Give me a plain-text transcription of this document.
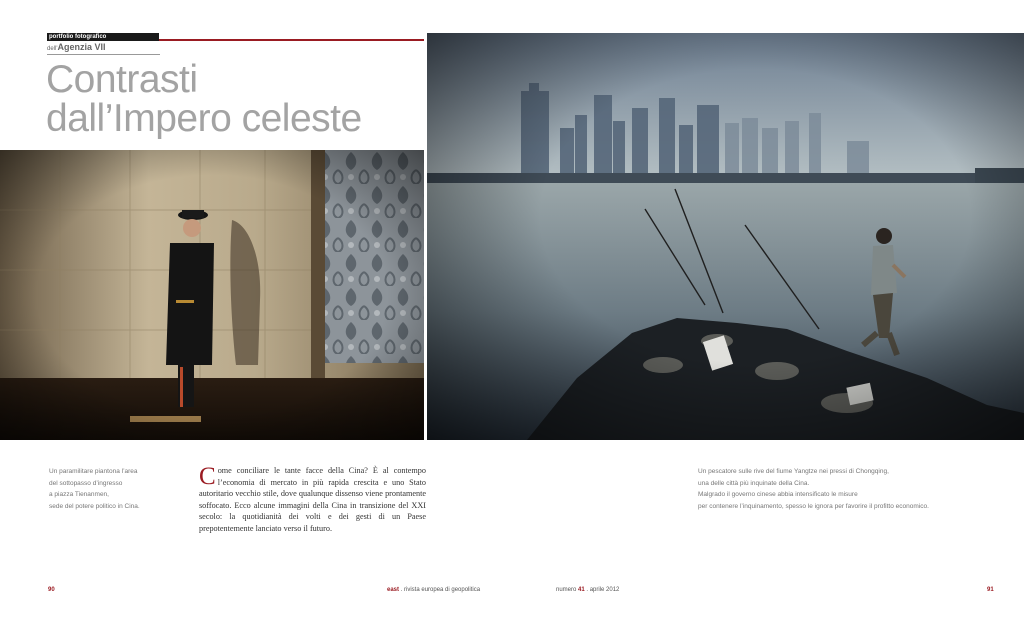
portfolio fotografico
dell'Agenzia VII
Contrasti
dall’Impero celeste
Un paramilitare piantona l’area
del sottopasso d’ingresso
a piazza Tienanmen,
sede del potere politico in Cina.
Come conciliare le tante facce della Cina? È al contempo l’economia di mercato in più rapida crescita e uno Stato autoritario vecchio stile, dove qualunque dissenso viene prontamente soffocato. Ecco alcune immagini della Cina in transizione del XXI secolo: la quotidianità dei volti e dei gesti di un Paese prepotentemente lanciato verso il futuro.
Un pescatore sulle rive del fiume Yangtze nei pressi di Chongqing,
una delle città più inquinate della Cina.
Malgrado il governo cinese abbia intensificato le misure
per contenere l’inquinamento, spesso le ignora per favorire il profitto economico.
90	east . rivista europea di geopolitica	numero 41 . aprile 2012	91
